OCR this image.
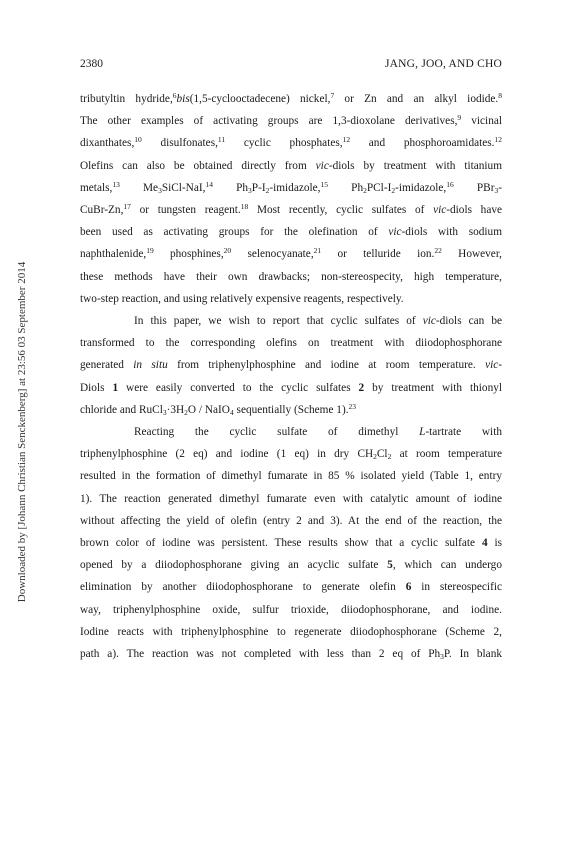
2380	JANG, JOO, AND CHO
Downloaded by [Johann Christian Senckenberg] at 23:56 03 September 2014

tributyltin hydride,$^6$bis(1,5-cyclooctadecene) nickel,$^7$ or Zn and an alkyl iodide.$^8$
The other examples of activating groups are 1,3-dioxolane derivatives,$^9$ vicinal
dixanthates,$^{10}$ disulfonates,$^{11}$ cyclic phosphates,$^{12}$ and phosphoroamidates.$^{12}$
Olefins can also be obtained directly from vic-diols by treatment with titanium
metals,$^{13}$ $Me_3SiCl-NaI,^{14}$ $Ph_3P-I_2-imidazole,^{15}$ $Ph_2PCl-I_2-imidazole,^{16}$ PBr$_3$-
CuBr-Zn,$^{17}$ or tungsten reagent.$^{18}$ Most recently, cyclic sulfates of vic-diols have
been used as activating groups for the olefination of vic-diols with sodium
naphthalenide,$^{19}$ phosphines,$^{20}$ selenocyanate,$^{21}$ or telluride ion.$^{22}$ However,
these methods have their own drawbacks; non-stereospecity, high temperature,
two-step reaction, and using relatively expensive reagents, respectively.

In this paper, we wish to report that cyclic sulfates of vic-diols can be
transformed to the corresponding olefins on treatment with diiodophosphorane
generated in situ from triphenylphosphine and iodine at room temperature. vic-
Diols 1 were easily converted to the cyclic sulfates 2 by treatment with thionyl
chloride and $RuCl_3\cdot 3H_2O$ / NaIO$_4$ sequentially (Scheme 1).$^{23}$

Reacting the cyclic sulfate of dimethyl L-tartrate with
triphenylphosphine (2 eq) and iodine (1 eq) in dry $CH_2Cl_2$ at room temperature
resulted in the formation of dimethyl fumarate in 85 % isolated yield (Table 1, entry
1). The reaction generated dimethyl fumarate even with catalytic amount of iodine
without affecting the yield of olefin (entry 2 and 3). At the end of the reaction, the
brown color of iodine was persistent. These results show that a cyclic sulfate 4 is
opened by a diiodophosphorane giving an acyclic sulfate 5, which can undergo
elimination by another diiodophosphorane to generate olefin 6 in stereospecific
way, triphenylphosphine oxide, sulfur trioxide, diiodophosphorane, and iodine.
Iodine reacts with triphenylphosphine to regenerate diiodophosphorane (Scheme 2,
path a). The reaction was not completed with less than 2 eq of $Ph_3P$. In blank
